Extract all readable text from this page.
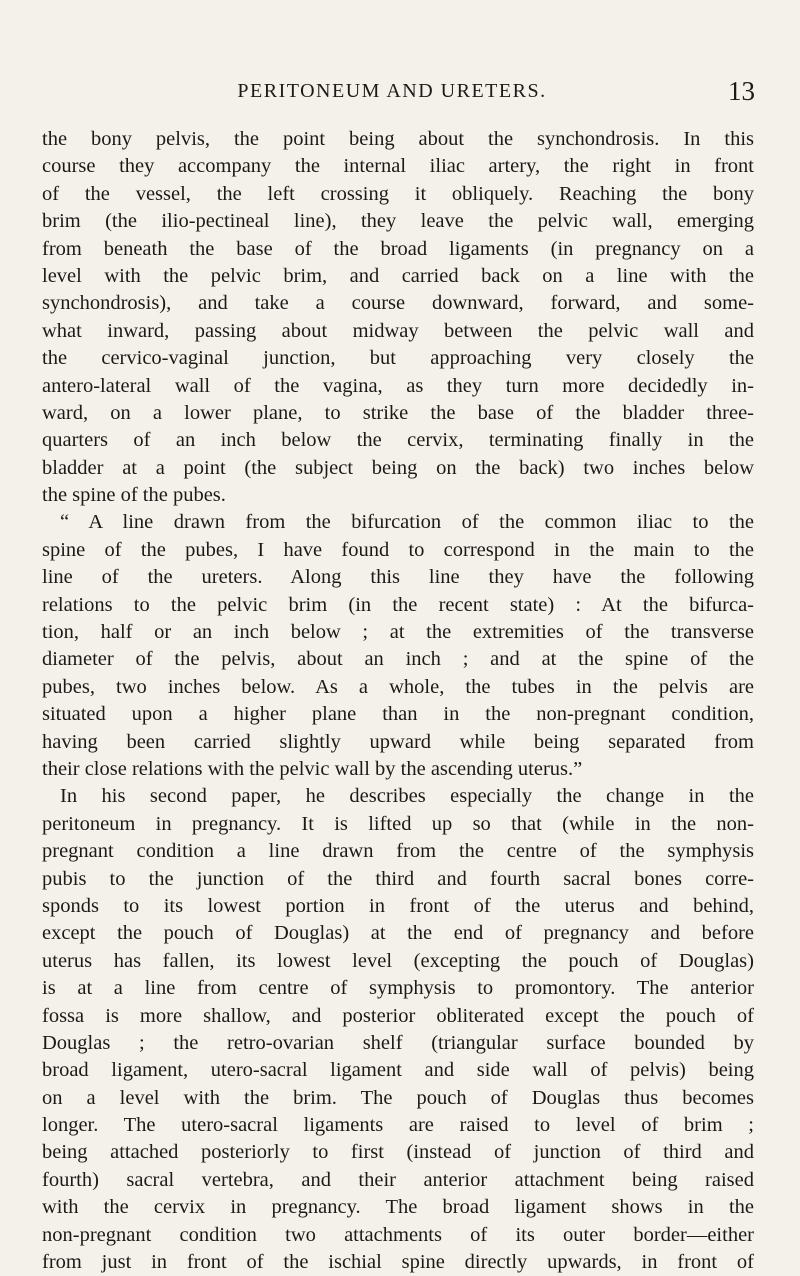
PERITONEUM AND URETERS.	13
the bony pelvis, the point being about the synchondrosis. In this
course they accompany the internal iliac artery, the right in front
of the vessel, the left crossing it obliquely. Reaching the bony
brim (the ilio-pectineal line), they leave the pelvic wall, emerging
from beneath the base of the broad ligaments (in pregnancy on a
level with the pelvic brim, and carried back on a line with the
synchondrosis), and take a course downward, forward, and some-
what inward, passing about midway between the pelvic wall and
the cervico-vaginal junction, but approaching very closely the
antero-lateral wall of the vagina, as they turn more decidedly in-
ward, on a lower plane, to strike the base of the bladder three-
quarters of an inch below the cervix, terminating finally in the
bladder at a point (the subject being on the back) two inches below
the spine of the pubes.
“ A line drawn from the bifurcation of the common iliac to the
spine of the pubes, I have found to correspond in the main to the
line of the ureters. Along this line they have the following
relations to the pelvic brim (in the recent state) : At the bifurca-
tion, half or an inch below ; at the extremities of the transverse
diameter of the pelvis, about an inch ; and at the spine of the
pubes, two inches below. As a whole, the tubes in the pelvis are
situated upon a higher plane than in the non-pregnant condition,
having been carried slightly upward while being separated from
their close relations with the pelvic wall by the ascending uterus.”
In his second paper, he describes especially the change in the
peritoneum in pregnancy. It is lifted up so that (while in the non-
pregnant condition a line drawn from the centre of the symphysis
pubis to the junction of the third and fourth sacral bones corre-
sponds to its lowest portion in front of the uterus and behind,
except the pouch of Douglas) at the end of pregnancy and before
uterus has fallen, its lowest level (excepting the pouch of Douglas)
is at a line from centre of symphysis to promontory. The anterior
fossa is more shallow, and posterior obliterated except the pouch of
Douglas ; the retro-ovarian shelf (triangular surface bounded by
broad ligament, utero-sacral ligament and side wall of pelvis) being
on a level with the brim. The pouch of Douglas thus becomes
longer. The utero-sacral ligaments are raised to level of brim ;
being attached posteriorly to first (instead of junction of third and
fourth) sacral vertebra, and their anterior attachment being raised
with the cervix in pregnancy. The broad ligament shows in the
non-pregnant condition two attachments of its outer border—either
from just in front of the ischial spine directly upwards, in front of
